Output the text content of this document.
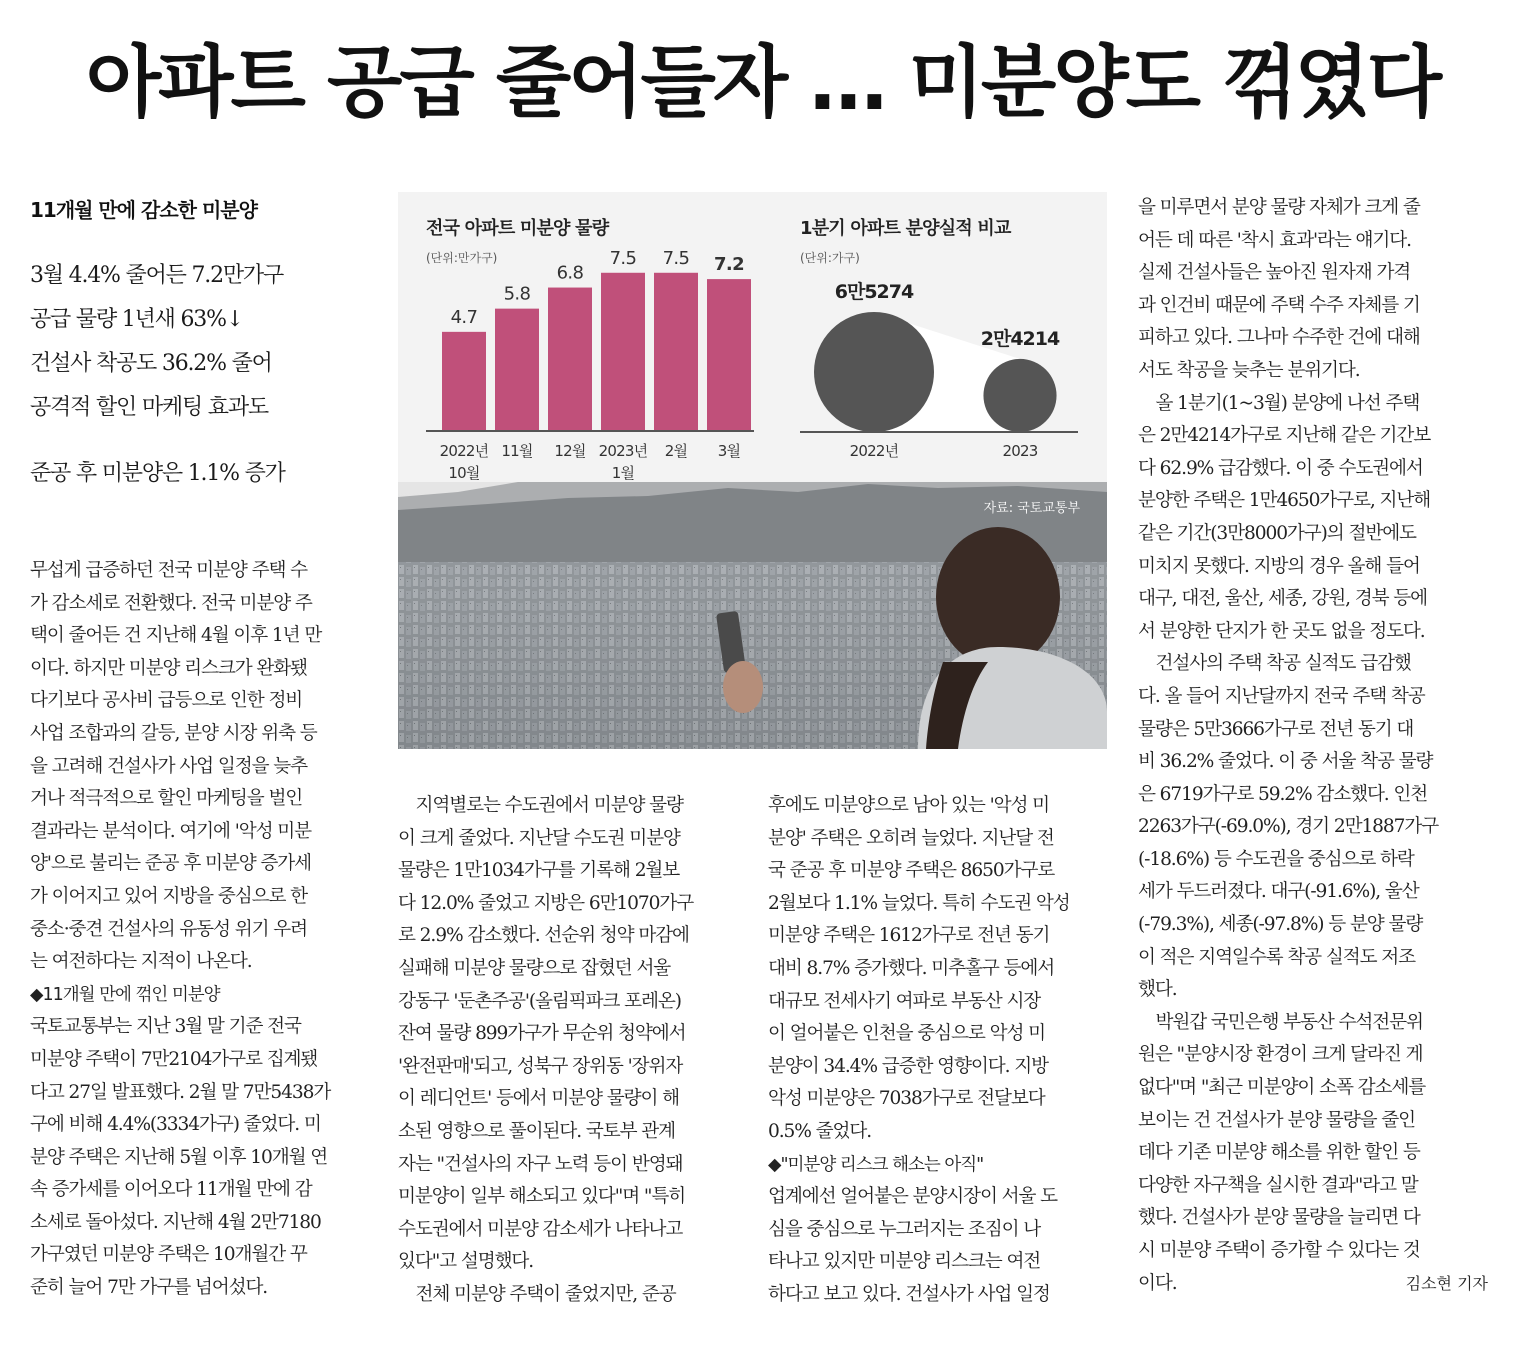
아파트 공급 줄어들자 … 미분양도 꺾였다

11개월 만에 감소한 미분양

3월 4.4% 줄어든 7.2만가구
공급 물량 1년새 63%↓
건설사 착공도 36.2% 줄어
공격적 할인 마케팅 효과도
준공 후 미분양은 1.1% 증가
무섭게 급증하던 전국 미분양 주택 수
가 감소세로 전환했다. 전국 미분양 주
택이 줄어든 건 지난해 4월 이후 1년 만
이다. 하지만 미분양 리스크가 완화됐
다기보다 공사비 급등으로 인한 정비
사업 조합과의 갈등, 분양 시장 위축 등
을 고려해 건설사가 사업 일정을 늦추
거나 적극적으로 할인 마케팅을 벌인
결과라는 분석이다. 여기에 '악성 미분
양'으로 불리는 준공 후 미분양 증가세
가 이어지고 있어 지방을 중심으로 한
중소·중견 건설사의 유동성 위기 우려
는 여전하다는 지적이 나온다.
◆11개월 만에 꺾인 미분양
국토교통부는 지난 3월 말 기준 전국
미분양 주택이 7만2104가구로 집계됐
다고 27일 발표했다. 2월 말 7만5438가
구에 비해 4.4%(3334가구) 줄었다. 미
분양 주택은 지난해 5월 이후 10개월 연
속 증가세를 이어오다 11개월 만에 감
소세로 돌아섰다. 지난해 4월 2만7180
가구였던 미분양 주택은 10개월간 꾸
준히 늘어 7만 가구를 넘어섰다.
전국 아파트 미분양 물량
(단위:만가구)
4.7
2022년
10월
5.8
11월
6.8
12월
7.5
2023년
1월
7.5
2월
7.2
3월
1분기 아파트 분양실적 비교
(단위:가구)
6만5274
2022년
2만4214
2023
자료: 국토교통부
　지역별로는 수도권에서 미분양 물량
이 크게 줄었다. 지난달 수도권 미분양
물량은 1만1034가구를 기록해 2월보
다 12.0% 줄었고 지방은 6만1070가구
로 2.9% 감소했다. 선순위 청약 마감에
실패해 미분양 물량으로 잡혔던 서울
강동구 '둔촌주공'(올림픽파크 포레온)
잔여 물량 899가구가 무순위 청약에서
'완전판매'되고, 성북구 장위동 '장위자
이 레디언트' 등에서 미분양 물량이 해
소된 영향으로 풀이된다. 국토부 관계
자는 "건설사의 자구 노력 등이 반영돼
미분양이 일부 해소되고 있다"며 "특히
수도권에서 미분양 감소세가 나타나고
있다"고 설명했다.
　전체 미분양 주택이 줄었지만, 준공
후에도 미분양으로 남아 있는 '악성 미
분양' 주택은 오히려 늘었다. 지난달 전
국 준공 후 미분양 주택은 8650가구로
2월보다 1.1% 늘었다. 특히 수도권 악성
미분양 주택은 1612가구로 전년 동기
대비 8.7% 증가했다. 미추홀구 등에서
대규모 전세사기 여파로 부동산 시장
이 얼어붙은 인천을 중심으로 악성 미
분양이 34.4% 급증한 영향이다. 지방
악성 미분양은 7038가구로 전달보다
0.5% 줄었다.
◆"미분양 리스크 해소는 아직"
업계에선 얼어붙은 분양시장이 서울 도
심을 중심으로 누그러지는 조짐이 나
타나고 있지만 미분양 리스크는 여전
하다고 보고 있다. 건설사가 사업 일정
을 미루면서 분양 물량 자체가 크게 줄
어든 데 따른 '착시 효과'라는 얘기다.
실제 건설사들은 높아진 원자재 가격
과 인건비 때문에 주택 수주 자체를 기
피하고 있다. 그나마 수주한 건에 대해
서도 착공을 늦추는 분위기다.
　올 1분기(1~3월) 분양에 나선 주택
은 2만4214가구로 지난해 같은 기간보
다 62.9% 급감했다. 이 중 수도권에서
분양한 주택은 1만4650가구로, 지난해
같은 기간(3만8000가구)의 절반에도
미치지 못했다. 지방의 경우 올해 들어
대구, 대전, 울산, 세종, 강원, 경북 등에
서 분양한 단지가 한 곳도 없을 정도다.
　건설사의 주택 착공 실적도 급감했
다. 올 들어 지난달까지 전국 주택 착공
물량은 5만3666가구로 전년 동기 대
비 36.2% 줄었다. 이 중 서울 착공 물량
은 6719가구로 59.2% 감소했다. 인천
2263가구(-69.0%), 경기 2만1887가구
(-18.6%) 등 수도권을 중심으로 하락
세가 두드러졌다. 대구(-91.6%), 울산
(-79.3%), 세종(-97.8%) 등 분양 물량
이 적은 지역일수록 착공 실적도 저조
했다.
　박원갑 국민은행 부동산 수석전문위
원은 "분양시장 환경이 크게 달라진 게
없다"며 "최근 미분양이 소폭 감소세를
보이는 건 건설사가 분양 물량을 줄인
데다 기존 미분양 해소를 위한 할인 등
다양한 자구책을 실시한 결과"라고 말
했다. 건설사가 분양 물량을 늘리면 다
시 미분양 주택이 증가할 수 있다는 것
이다.	김소현 기자
